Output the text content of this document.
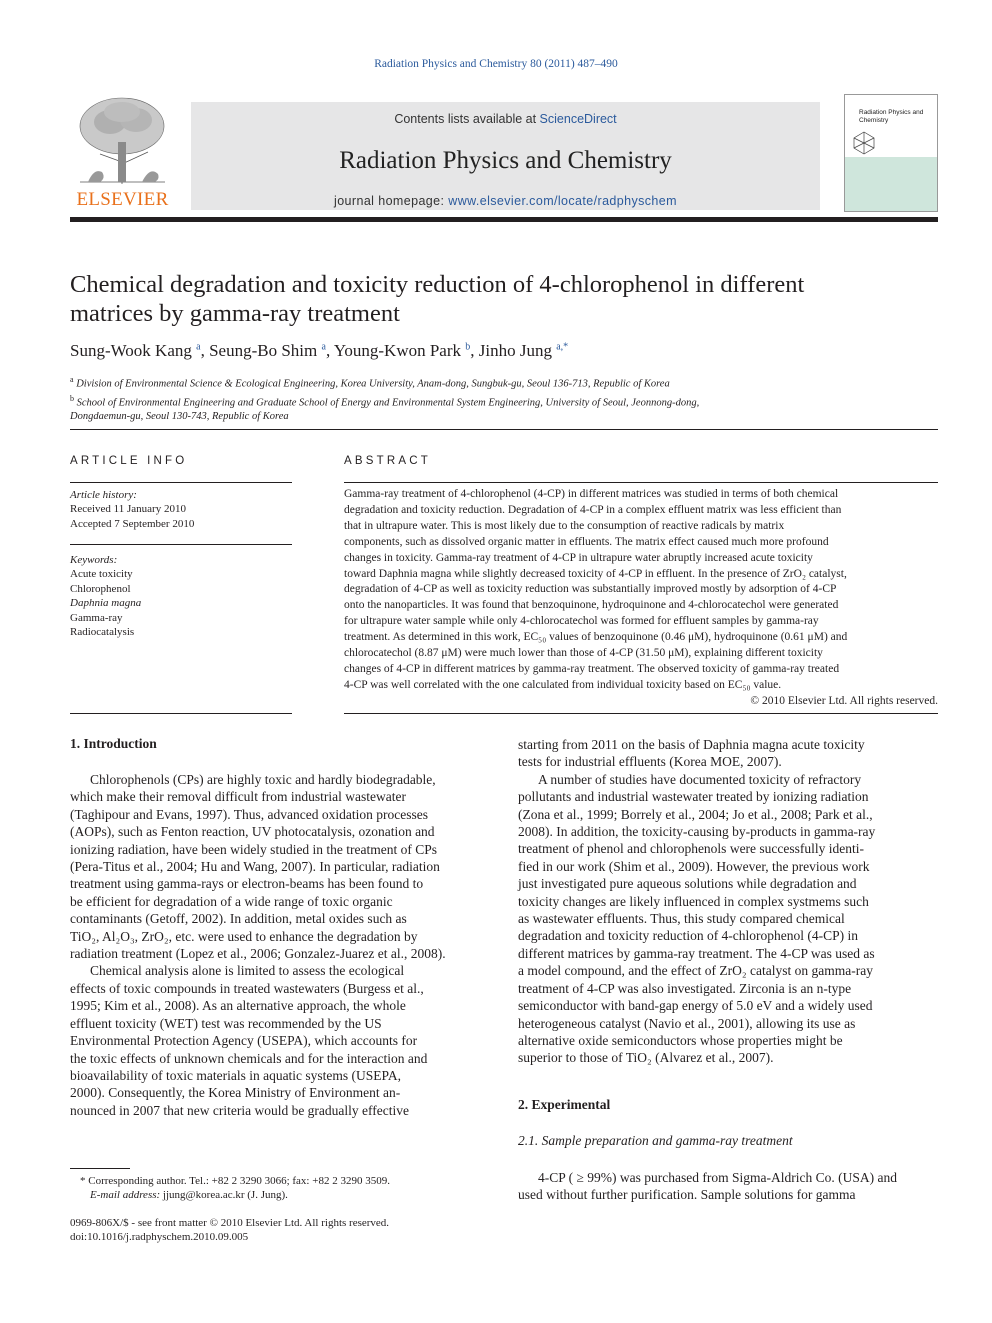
Radiation Physics and Chemistry 80 (2011) 487–490
ELSEVIER
Contents lists available at ScienceDirect
Radiation Physics and Chemistry
journal homepage: www.elsevier.com/locate/radphyschem
Radiation Physics and Chemistry
Chemical degradation and toxicity reduction of 4-chlorophenol in different
matrices by gamma-ray treatment
Sung-Wook Kang $^a$, Seung-Bo Shim $^a$, Young-Kwon Park $^b$, Jinho Jung $^{a,*}$
$^a$ Division of Environmental Science & Ecological Engineering, Korea University, Anam-dong, Sungbuk-gu, Seoul 136-713, Republic of Korea
$^b$ School of Environmental Engineering and Graduate School of Energy and Environmental System Engineering, University of Seoul, Jeonnong-dong,
Dongdaemun-gu, Seoul 130-743, Republic of Korea
ARTICLE INFO	ABSTRACT
Article history:
Received 11 January 2010
Accepted 7 September 2010
Keywords:
Acute toxicity
Chlorophenol
Daphnia magna
Gamma-ray
Radiocatalysis
Gamma-ray treatment of 4-chlorophenol (4-CP) in different matrices was studied in terms of both chemical
degradation and toxicity reduction. Degradation of 4-CP in a complex effluent matrix was less efficient than
that in ultrapure water. This is most likely due to the consumption of reactive radicals by matrix
components, such as dissolved organic matter in effluents. The matrix effect caused much more profound
changes in toxicity. Gamma-ray treatment of 4-CP in ultrapure water abruptly increased acute toxicity
toward Daphnia magna while slightly decreased toxicity of 4-CP in effluent. In the presence of ZrO₂ catalyst,
degradation of 4-CP as well as toxicity reduction was substantially improved mostly by adsorption of 4-CP
onto the nanoparticles. It was found that benzoquinone, hydroquinone and 4-chlorocatechol were generated
for ultrapure water sample while only 4-chlorocatechol was formed for effluent samples by gamma-ray
treatment. As determined in this work, EC₅₀ values of benzoquinone (0.46 μM), hydroquinone (0.61 μM) and
chlorocatechol (8.87 μM) were much lower than those of 4-CP (31.50 μM), explaining different toxicity
changes of 4-CP in different matrices by gamma-ray treatment. The observed toxicity of gamma-ray treated
4-CP was well correlated with the one calculated from individual toxicity based on EC₅₀ value.
© 2010 Elsevier Ltd. All rights reserved.
1. Introduction
Chlorophenols (CPs) are highly toxic and hardly biodegradable,
which make their removal difficult from industrial wastewater
(Taghipour and Evans, 1997). Thus, advanced oxidation processes
(AOPs), such as Fenton reaction, UV photocatalysis, ozonation and
ionizing radiation, have been widely studied in the treatment of CPs
(Pera-Titus et al., 2004; Hu and Wang, 2007). In particular, radiation
treatment using gamma-rays or electron-beams has been found to
be efficient for degradation of a wide range of toxic organic
contaminants (Getoff, 2002). In addition, metal oxides such as
TiO₂, Al₂O₃, ZrO₂, etc. were used to enhance the degradation by
radiation treatment (Lopez et al., 2006; Gonzalez-Juarez et al., 2008).
Chemical analysis alone is limited to assess the ecological
effects of toxic compounds in treated wastewaters (Burgess et al.,
1995; Kim et al., 2008). As an alternative approach, the whole
effluent toxicity (WET) test was recommended by the US
Environmental Protection Agency (USEPA), which accounts for
the toxic effects of unknown chemicals and for the interaction and
bioavailability of toxic materials in aquatic systems (USEPA,
2000). Consequently, the Korea Ministry of Environment an-
nounced in 2007 that new criteria would be gradually effective
starting from 2011 on the basis of Daphnia magna acute toxicity
tests for industrial effluents (Korea MOE, 2007).
A number of studies have documented toxicity of refractory
pollutants and industrial wastewater treated by ionizing radiation
(Zona et al., 1999; Borrely et al., 2004; Jo et al., 2008; Park et al.,
2008). In addition, the toxicity-causing by-products in gamma-ray
treatment of phenol and chlorophenols were successfully identi-
fied in our work (Shim et al., 2009). However, the previous work
just investigated pure aqueous solutions while degradation and
toxicity changes are likely influenced in complex systmems such
as wastewater effluents. Thus, this study compared chemical
degradation and toxicity reduction of 4-chlorophenol (4-CP) in
different matrices by gamma-ray treatment. The 4-CP was used as
a model compound, and the effect of ZrO₂ catalyst on gamma-ray
treatment of 4-CP was also investigated. Zirconia is an n-type
semiconductor with band-gap energy of 5.0 eV and a widely used
heterogeneous catalyst (Navio et al., 2001), allowing its use as
alternative oxide semiconductors whose properties might be
superior to those of TiO₂ (Alvarez et al., 2007).
2. Experimental
2.1. Sample preparation and gamma-ray treatment
4-CP ( ≥ 99%) was purchased from Sigma-Aldrich Co. (USA) and
used without further purification. Sample solutions for gamma
* Corresponding author. Tel.: +82 2 3290 3066; fax: +82 2 3290 3509.
E-mail address: jjung@korea.ac.kr (J. Jung).
0969-806X/$ - see front matter © 2010 Elsevier Ltd. All rights reserved.
doi:10.1016/j.radphyschem.2010.09.005
